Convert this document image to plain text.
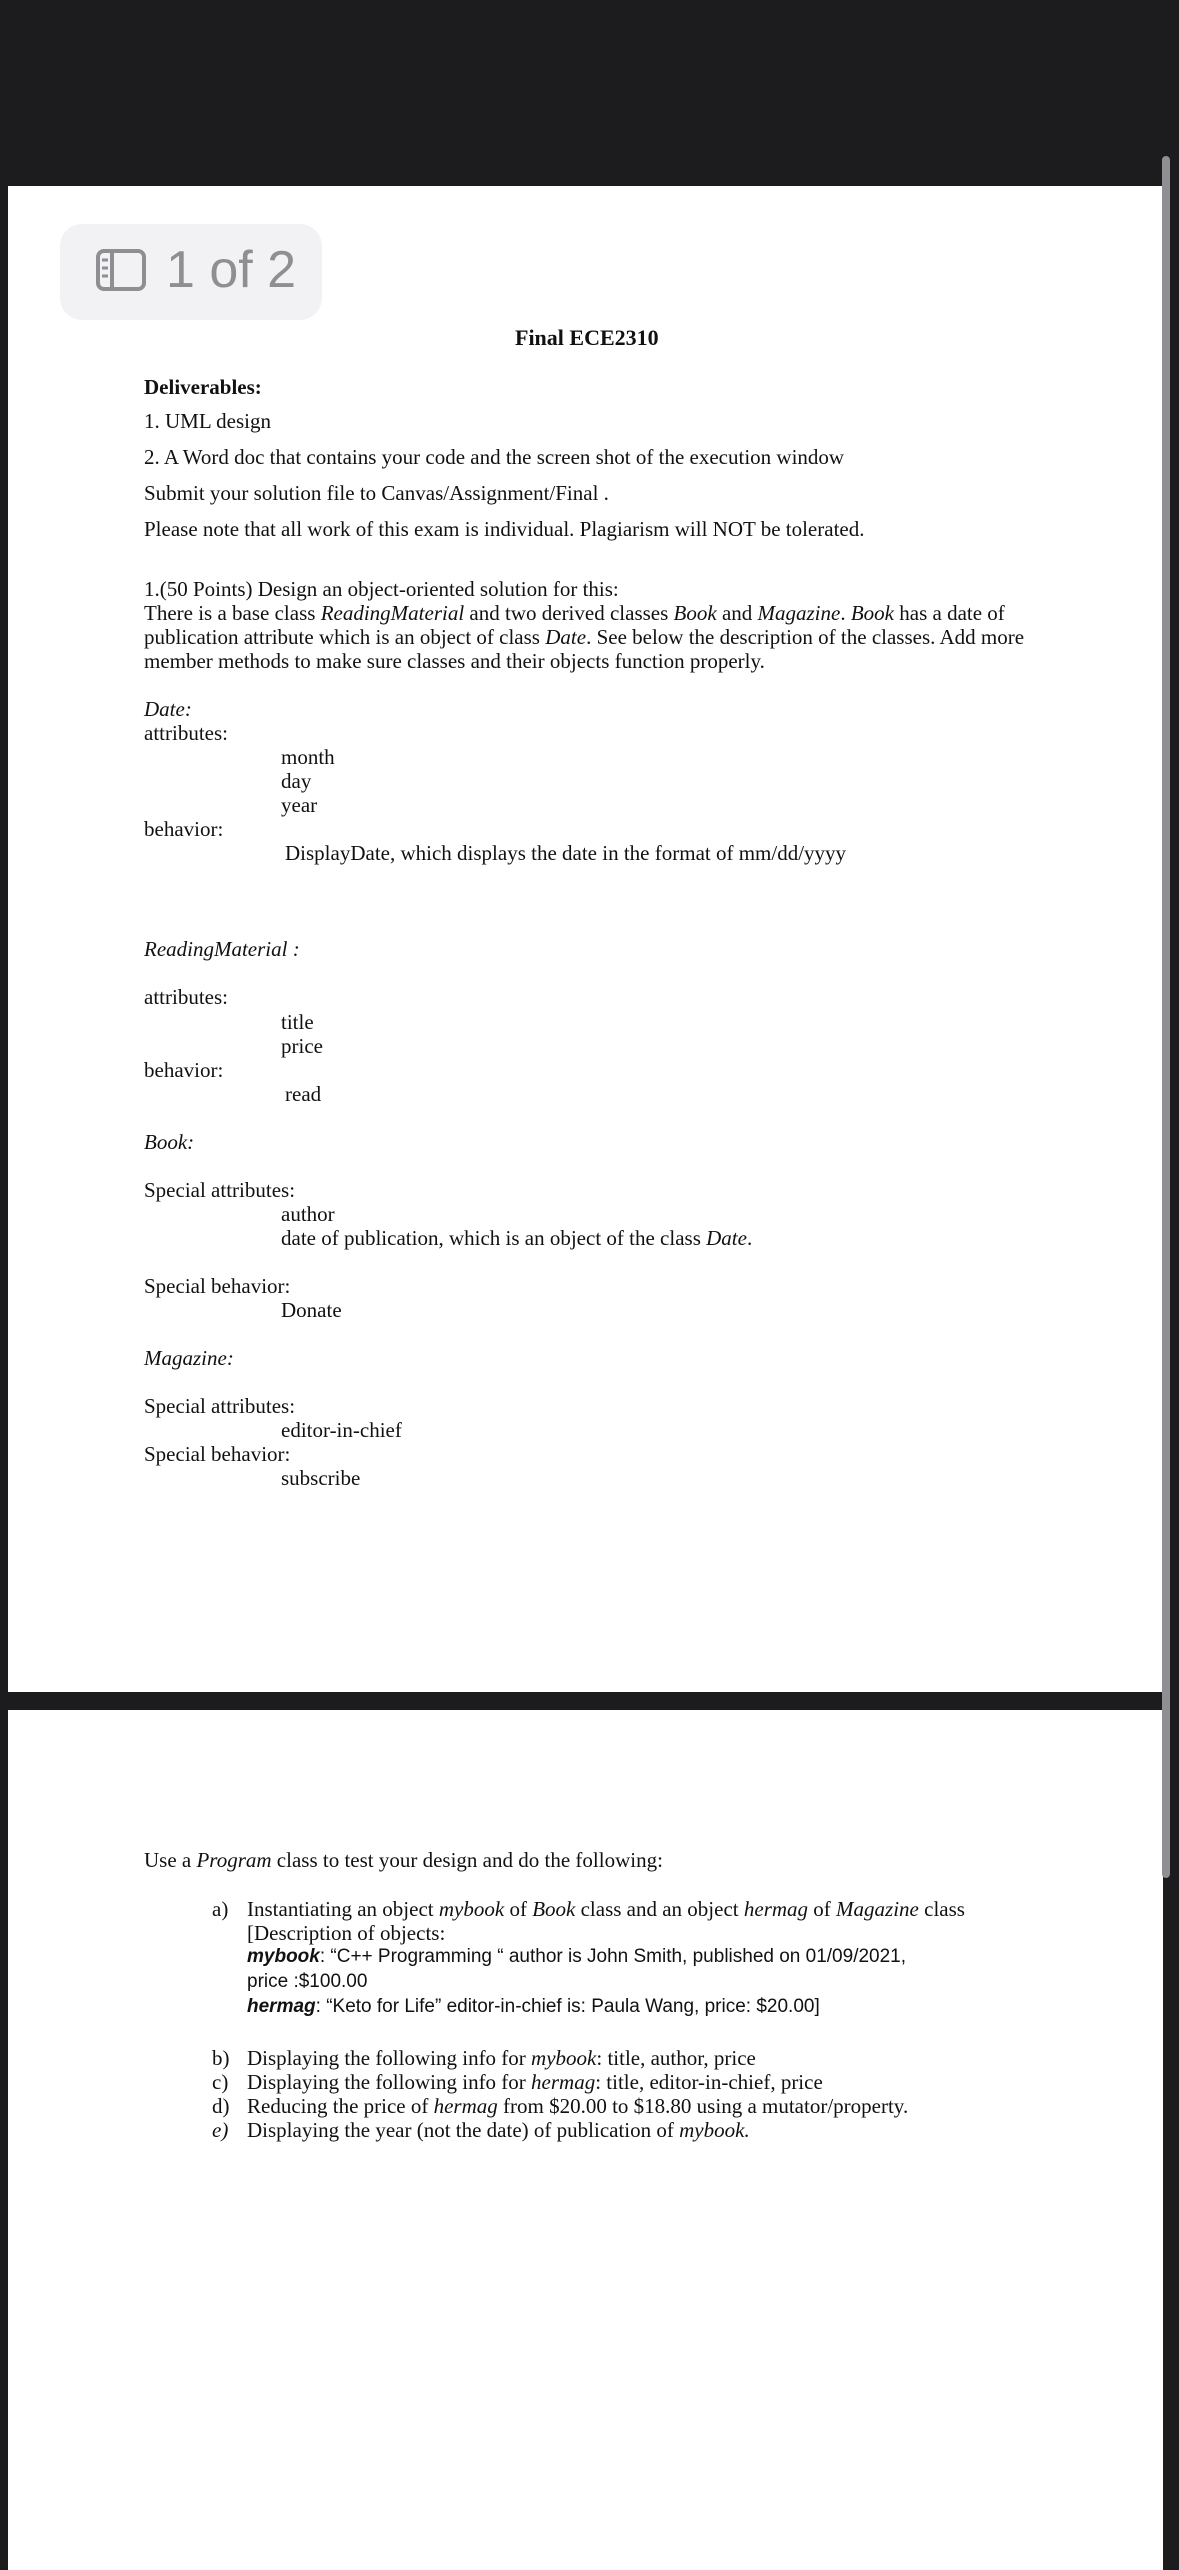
1 of 2
Final ECE2310
Deliverables:
1. UML design
2. A Word doc that contains your code and the screen shot of the execution window
Submit your solution file to Canvas/Assignment/Final .
Please note that all work of this exam is individual. Plagiarism will NOT be tolerated.
1.(50 Points) Design an object-oriented solution for this:
There is a base class ReadingMaterial and two derived classes Book and Magazine. Book has a date of publication attribute which is an object of class Date. See below the description of the classes. Add more member methods to make sure classes and their objects function properly.
Date:
attributes:
month
day
year
behavior:
DisplayDate, which displays the date in the format of mm/dd/yyyy
ReadingMaterial :
attributes:
title
price
behavior:
read
Book:
Special attributes:
author
date of publication, which is an object of the class Date.
Special behavior:
Donate
Magazine:
Special attributes:
editor-in-chief
Special behavior:
subscribe
Use a Program class to test your design and do the following:
a) Instantiating an object mybook of Book class and an object hermag of Magazine class
[Description of objects:
mybook: “C++ Programming “ author is John Smith, published on 01/09/2021,
price :$100.00
hermag: “Keto for Life” editor-in-chief is: Paula Wang, price: $20.00]
b) Displaying the following info for mybook: title, author, price
c) Displaying the following info for hermag: title, editor-in-chief, price
d) Reducing the price of hermag from $20.00 to $18.80 using a mutator/property.
e) Displaying the year (not the date) of publication of mybook.
